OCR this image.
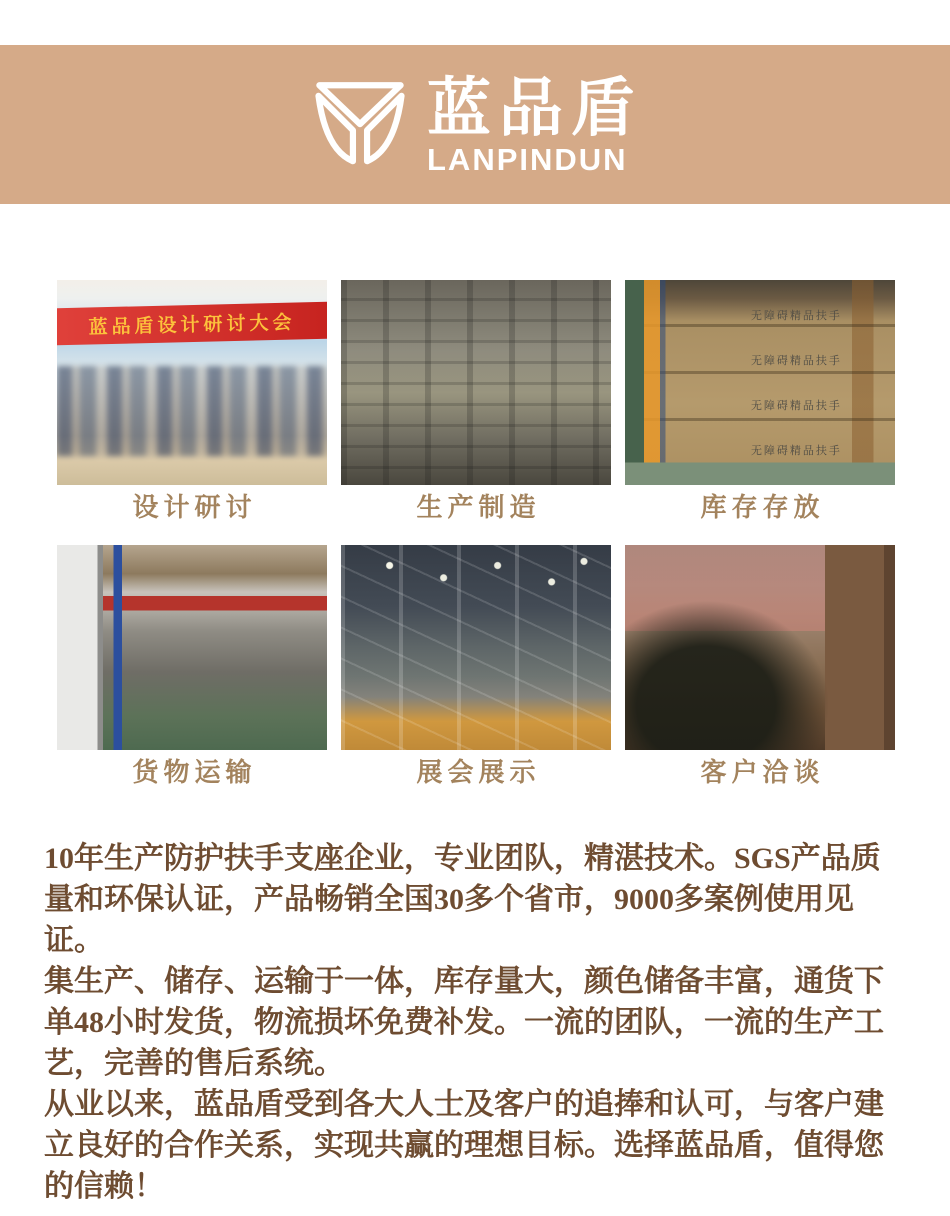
蓝品盾
LANPINDUN
蓝品盾设计研讨大会
设计研讨	生产制造
无障碍精品扶手
无障碍精品扶手
无障碍精品扶手
无障碍精品扶手
库存存放
货物运输	展会展示	客户洽谈

10年生产防护扶手支座企业，专业团队，精湛技术。SGS产品质量和环保认证，产品畅销全国30多个省市，9000多案例使用见证。

集生产、储存、运输于一体，库存量大，颜色储备丰富，通货下单48小时发货，物流损坏免费补发。一流的团队，一流的生产工艺，完善的售后系统。

从业以来，蓝品盾受到各大人士及客户的追捧和认可，与客户建立良好的合作关系，实现共赢的理想目标。选择蓝品盾，值得您的信赖！
